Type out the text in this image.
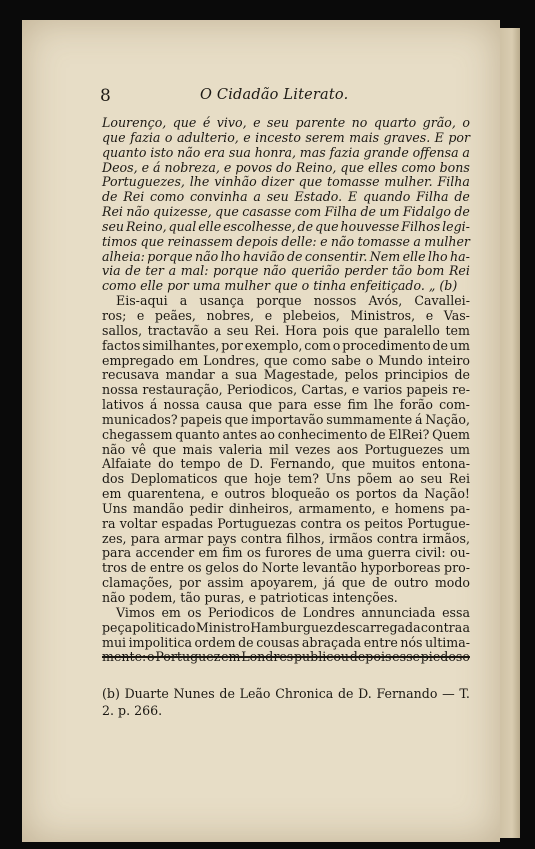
8	O Cidadão Literato.
Lourenço, que é vivo, e seu parente no quarto grão, o
que fazia o adulterio, e incesto serem mais graves. E por
quanto isto não era sua honra, mas fazia grande offensa a
Deos, e á nobreza, e povos do Reino, que elles como bons
Portuguezes, lhe vinhão dizer que tomasse mulher. Filha
de Rei como convinha a seu Estado. E quando Filha de
Rei não quizesse, que casasse com Filha de um Fidalgo de
seu Reino, qual elle escolhesse, de que houvesse Filhos legi-
timos que reinassem depois delle: e não tomasse a mulher
alheia: porque não lho havião de consentir. Nem elle lho ha-
via de ter a mal: porque não querião perder tão bom Rei
como elle por uma mulher que o tinha enfeitiçado. „ (b)
Eis-aqui a usança porque nossos Avós, Cavallei-
ros; e peães, nobres, e plebeios, Ministros, e Vas-
sallos, tractavão a seu Rei. Hora pois que paralello tem
factos similhantes, por exemplo, com o procedimento de um
empregado em Londres, que como sabe o Mundo inteiro
recusava mandar a sua Magestade, pelos principios de
nossa restauração, Periodicos, Cartas, e varios papeis re-
lativos á nossa causa que para esse fim lhe forão com-
municados? papeis que importavão summamente á Nação,
chegassem quanto antes ao conhecimento de ElRei? Quem
não vê que mais valeria mil vezes aos Portuguezes um
Alfaiate do tempo de D. Fernando, que muitos entona-
dos Deplomaticos que hoje tem? Uns põem ao seu Rei
em quarentena, e outros bloqueão os portos da Nação!
Uns mandão pedir dinheiros, armamento, e homens pa-
ra voltar espadas Portuguezas contra os peitos Portugue-
zes, para armar pays contra filhos, irmãos contra irmãos,
para accender em fim os furores de uma guerra civil: ou-
tros de entre os gelos do Norte levantão hyporboreas pro-
clamações, por assim apoyarem, já que de outro modo
não podem, tão puras, e patrioticas intenções.
Vimos em os Periodicos de Londres annunciada essa
peça politica do Ministro Hamburguez descarregada contra a
mui impolitica ordem de cousas abraçada entre nós ultima-
mente: o Portuguez em Londres publicou depois esse piedoso
(b) Duarte Nunes de Leão Chronica de D. Fernando — T.
2. p. 266.
